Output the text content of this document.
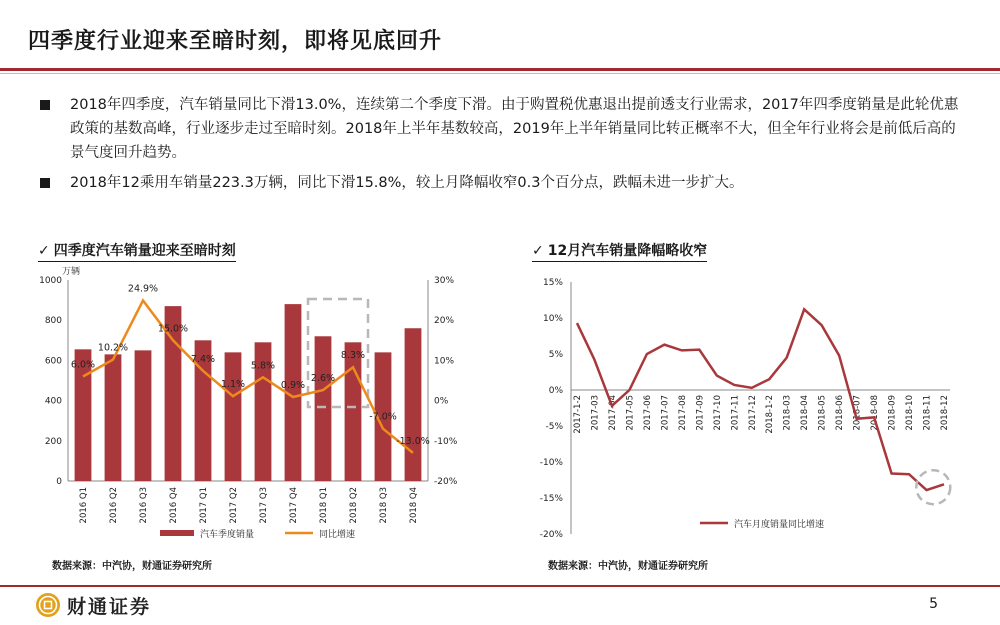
四季度行业迎来至暗时刻，即将见底回升
2018年四季度，汽车销量同比下滑13.0%，连续第二个季度下滑。由于购置税优惠退出提前透支行业需求，2017年四季度销量是此轮优惠政策的基数高峰，行业逐步走过至暗时刻。2018年上半年基数较高，2019年上半年销量同比转正概率不大，但全年行业将会是前低后高的景气度回升趋势。
2018年12乘用车销量223.3万辆，同比下滑15.8%，较上月降幅收窄0.3个百分点，跌幅未进一步扩大。
✓ 四季度汽车销量迎来至暗时刻	✓ 12月汽车销量降幅略收窄
万辆
0
200
400
600
800
1000
-20%
-10%
0%
10%
20%
30%
2016 Q1 2016 Q2 2016 Q3 2016 Q4 2017 Q1 2017 Q2 2017 Q3 2017 Q4 2018 Q1 2018 Q2 2018 Q3 2018 Q4
6.0%
10.2%
24.9%
15.0%
7.4%
1.1%
5.8%
0.9%
2.6%
8.3%
-7.0%
-13.0%
汽车季度销量	同比增速
15%
10%
5%
0%
-5%
-10%
-15%
-20%
2017-1-2 2017-03 2017-04 2017-05 2017-06 2017-07 2017-08 2017-09 2017-10 2017-11 2017-12 2018-1-2 2018-03 2018-04 2018-05 2018-06 2018-07 2018-08 2018-09 2018-10 2018-11 2018-12
汽车月度销量同比增速
数据来源：中汽协，财通证券研究所	数据来源：中汽协，财通证券研究所
财通证券	5
